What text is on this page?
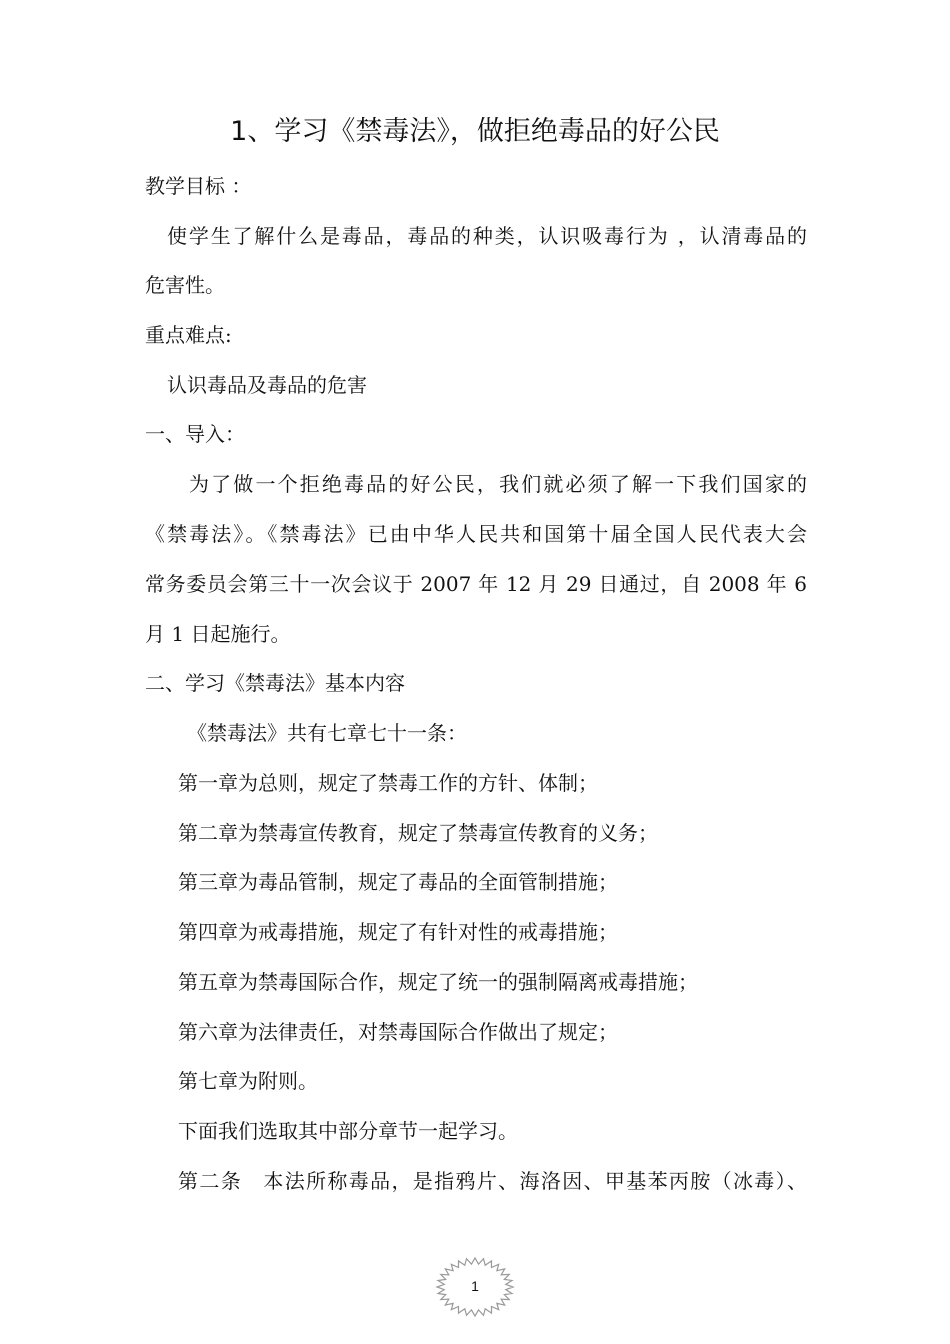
1、学习《禁毒法》，做拒绝毒品的好公民
教学目标 ：
使学生了解什么是毒品，毒品的种类，认识吸毒行为 ，认清毒品的
危害性。
重点难点:
认识毒品及毒品的危害
一、导入：
为了做一个拒绝毒品的好公民，我们就必须了解一下我们国家的
《禁毒法》。《禁毒法》已由中华人民共和国第十届全国人民代表大会
常务委员会第三十一次会议于 2007 年 12 月 29 日通过，自 2008 年 6
月 1 日起施行。
二、学习《禁毒法》基本内容
《禁毒法》共有七章七十一条：
第一章为总则，规定了禁毒工作的方针、体制；
第二章为禁毒宣传教育，规定了禁毒宣传教育的义务；
第三章为毒品管制，规定了毒品的全面管制措施；
第四章为戒毒措施，规定了有针对性的戒毒措施；
第五章为禁毒国际合作，规定了统一的强制隔离戒毒措施；
第六章为法律责任，对禁毒国际合作做出了规定；
第七章为附则。
下面我们选取其中部分章节一起学习。
第二条　本法所称毒品，是指鸦片、海洛因、甲基苯丙胺（冰毒）、
1
